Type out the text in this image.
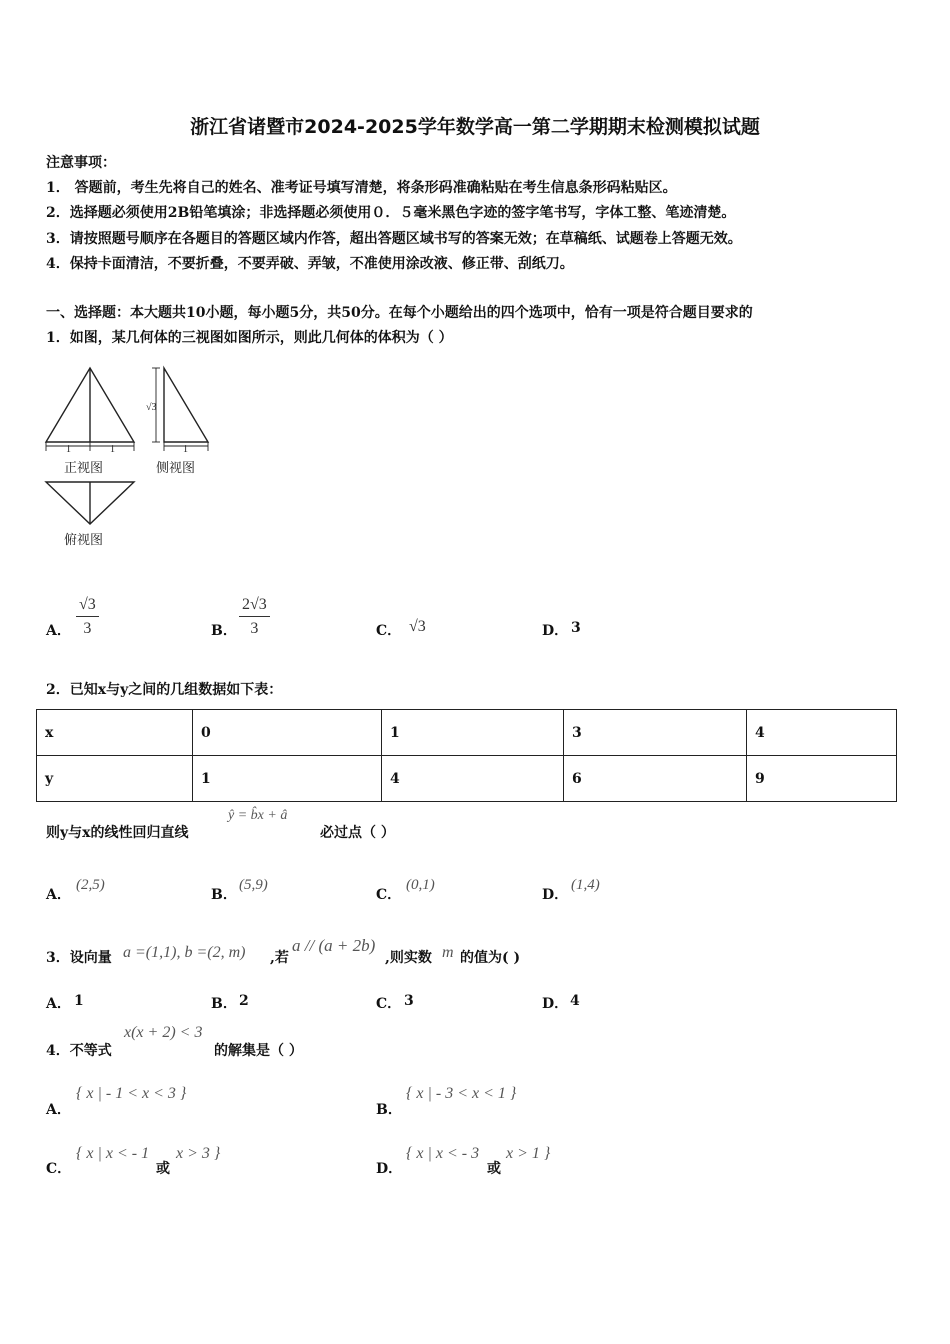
浙江省诸暨市2024-2025学年数学高一第二学期期末检测模拟试题
注意事项：
1． 答题前，考生先将自己的姓名、准考证号填写清楚，将条形码准确粘贴在考生信息条形码粘贴区。
2．选择题必须使用2B铅笔填涂；非选择题必须使用０．５毫米黑色字迹的签字笔书写，字体工整、笔迹清楚。
3．请按照题号顺序在各题目的答题区域内作答，超出答题区域书写的答案无效；在草稿纸、试题卷上答题无效。
4．保持卡面清洁，不要折叠，不要弄破、弄皱，不准使用涂改液、修正带、刮纸刀。
一、选择题：本大题共10小题，每小题5分，共50分。在每个小题给出的四个选项中，恰有一项是符合题目要求的
1．如图，某几何体的三视图如图所示，则此几何体的体积为（ ）
1	1
正视图
√3
1
侧视图
俯视图
A． $\frac{√3}{3}$	B． $\frac{2√3}{3}$	C． √3	D． 3
2．已知x与y之间的几组数据如下表：
x	0	1	3	4
y	1	4	6	9
则y与x的线性回归直线
ŷ = b̂x + â
必过点（ ）
A．
(2,5)
B．
(5,9)
C．
(0,1)
D．
(1,4)
3．设向量 a =(1,1), b =(2, m) ,若
a // (a + 2b)
,则实数 m 的值为( )
A． 1	B． 2	C． 3	D． 4
4．不等式
x(x + 2) < 3
的解集是（ ）
A．
{ x | - 1 < x < 3 }
B．
{ x | - 3 < x < 1 }
C．
{ x | x < - 1
或
x > 3 }
D．
{ x | x < - 3
或
x > 1 }
